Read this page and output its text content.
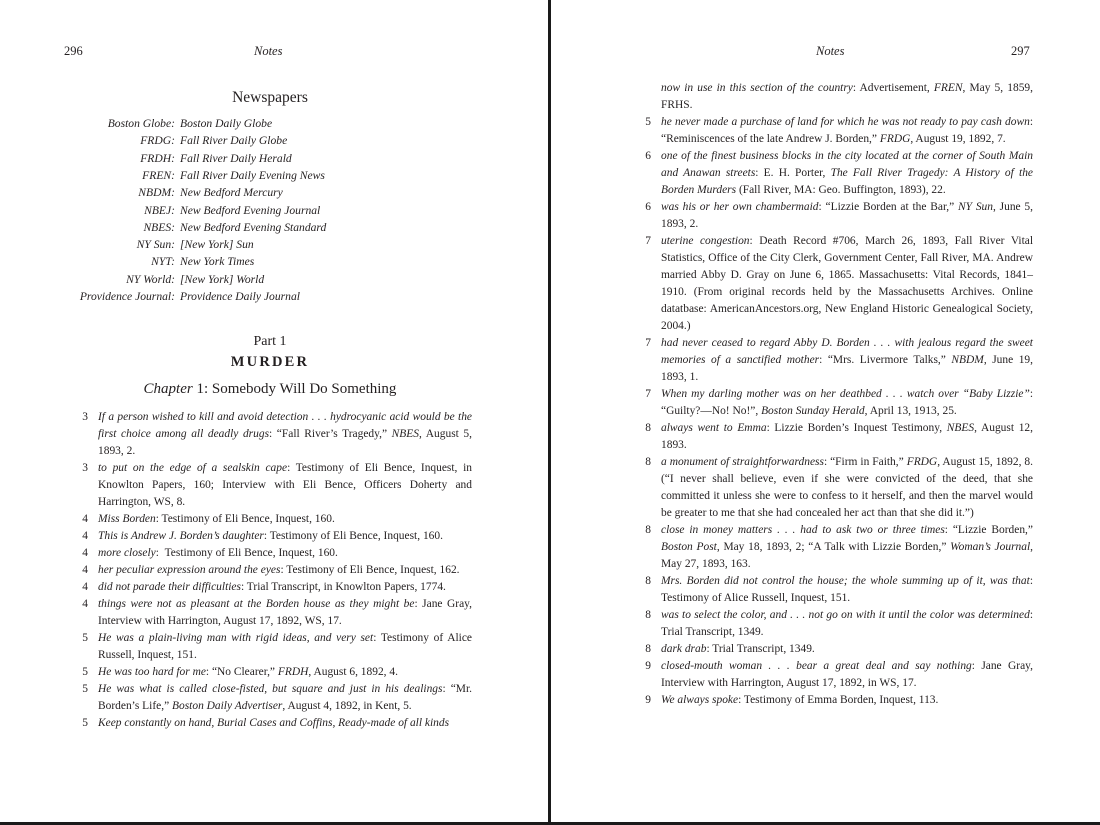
296	Notes
Newspapers
Boston Globe: Boston Daily Globe
FRDG: Fall River Daily Globe
FRDH: Fall River Daily Herald
FREN: Fall River Daily Evening News
NBDM: New Bedford Mercury
NBEJ: New Bedford Evening Journal
NBES: New Bedford Evening Standard
NY Sun: [New York] Sun
NYT: New York Times
NY World: [New York] World
Providence Journal: Providence Daily Journal
Part 1
MURDER
Chapter 1: Somebody Will Do Something
3 If a person wished to kill and avoid detection . . . hydrocyanic acid would be the first choice among all deadly drugs: “Fall River’s Tragedy,” NBES, August 5, 1893, 2.
3 to put on the edge of a sealskin cape: Testimony of Eli Bence, Inquest, in Knowlton Papers, 160; Interview with Eli Bence, Officers Doherty and Harrington, WS, 8.
4 Miss Borden: Testimony of Eli Bence, Inquest, 160.
4 This is Andrew J. Borden’s daughter: Testimony of Eli Bence, Inquest, 160.
4 more closely:  Testimony of Eli Bence, Inquest, 160.
4 her peculiar expression around the eyes: Testimony of Eli Bence, Inquest, 162.
4 did not parade their difficulties: Trial Transcript, in Knowlton Papers, 1774.
4 things were not as pleasant at the Borden house as they might be: Jane Gray, Interview with Harrington, August 17, 1892, WS, 17.
5 He was a plain-living man with rigid ideas, and very set: Testimony of Alice Russell, Inquest, 151.
5 He was too hard for me: “No Clearer,” FRDH, August 6, 1892, 4.
5 He was what is called close-fisted, but square and just in his dealings: “Mr. Borden’s Life,” Boston Daily Advertiser, August 4, 1892, in Kent, 5.
5 Keep constantly on hand, Burial Cases and Coffins, Ready-made of all kinds
Notes	297
now in use in this section of the country: Advertisement, FREN, May 5, 1859, FRHS.
5 he never made a purchase of land for which he was not ready to pay cash down: “Reminiscences of the late Andrew J. Borden,” FRDG, August 19, 1892, 7.
6 one of the finest business blocks in the city located at the corner of South Main and Anawan streets: E. H. Porter, The Fall River Tragedy: A History of the Borden Murders (Fall River, MA: Geo. Buffington, 1893), 22.
6 was his or her own chambermaid: “Lizzie Borden at the Bar,” NY Sun, June 5, 1893, 2.
7 uterine congestion: Death Record #706, March 26, 1893, Fall River Vital Statistics, Office of the City Clerk, Government Center, Fall River, MA. Andrew married Abby D. Gray on June 6, 1865. Massachusetts: Vital Records, 1841–1910. (From original records held by the Massachusetts Archives. Online datatbase: AmericanAncestors.org, New England Historic Genealogical Society, 2004.)
7 had never ceased to regard Abby D. Borden . . . with jealous regard the sweet memories of a sanctified mother: “Mrs. Livermore Talks,” NBDM, June 19, 1893, 1.
7 When my darling mother was on her deathbed . . . watch over “Baby Lizzie”: “Guilty?—No! No!”, Boston Sunday Herald, April 13, 1913, 25.
8 always went to Emma: Lizzie Borden’s Inquest Testimony, NBES, August 12, 1893.
8 a monument of straightforwardness: “Firm in Faith,” FRDG, August 15, 1892, 8. (“I never shall believe, even if she were convicted of the deed, that she committed it unless she were to confess to it herself, and then the marvel would be greater to me that she had concealed her act than that she did it.”)
8 close in money matters . . . had to ask two or three times: “Lizzie Borden,” Boston Post, May 18, 1893, 2; “A Talk with Lizzie Borden,” Woman’s Journal, May 27, 1893, 163.
8 Mrs. Borden did not control the house; the whole summing up of it, was that: Testimony of Alice Russell, Inquest, 151.
8 was to select the color, and . . . not go on with it until the color was determined: Trial Transcript, 1349.
8 dark drab: Trial Transcript, 1349.
9 closed-mouth woman . . . bear a great deal and say nothing: Jane Gray, Interview with Harrington, August 17, 1892, in WS, 17.
9 We always spoke: Testimony of Emma Borden, Inquest, 113.
